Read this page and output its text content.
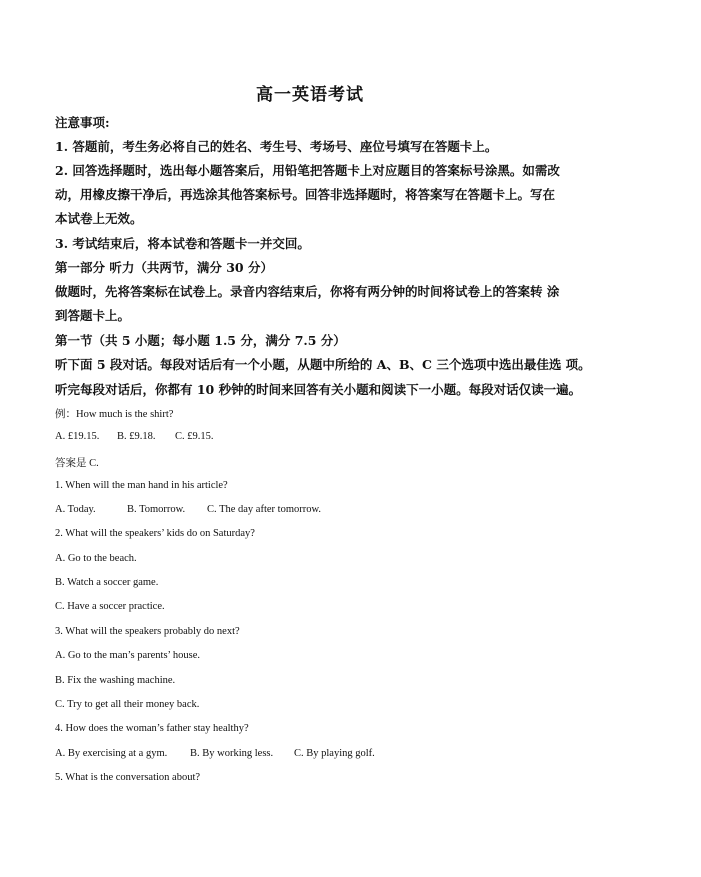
高一英语考试
注意事项:
1. 答题前，考生务必将自己的姓名、考生号、考场号、座位号填写在答题卡上。
2. 回答选择题时，选出每小题答案后，用铅笔把答题卡上对应题目的答案标号涂黑。如需改
动，用橡皮擦干净后，再选涂其他答案标号。回答非选择题时，将答案写在答题卡上。写在
本试卷上无效。
3. 考试结束后，将本试卷和答题卡一并交回。
第一部分 听力（共两节，满分 30 分）
做题时，先将答案标在试卷上。录音内容结束后，你将有两分钟的时间将试卷上的答案转 涂
到答题卡上。
第一节（共 5 小题；每小题 1.5 分，满分 7.5 分）
听下面 5 段对话。每段对话后有一个小题，从题中所给的 A、B、C 三个选项中选出最佳选 项。
听完每段对话后，你都有 10 秒钟的时间来回答有关小题和阅读下一小题。每段对话仅读一遍。
例：How much is the shirt?
A. £19.15. B. £9.18. C. £9.15.
答案是 C.
1. When will the man hand in his article?
A. Today.	B. Tomorrow. C. The day after tomorrow.
2. What will the speakers’ kids do on Saturday?
A. Go to the beach.
B. Watch a soccer game.
C. Have a soccer practice.
3. What will the speakers probably do next?
A. Go to the man’s parents’ house.
B. Fix the washing machine.
C. Try to get all their money back.
4. How does the woman’s father stay healthy?
A. By exercising at a gym. B. By working less. C. By playing golf.
5. What is the conversation about?
